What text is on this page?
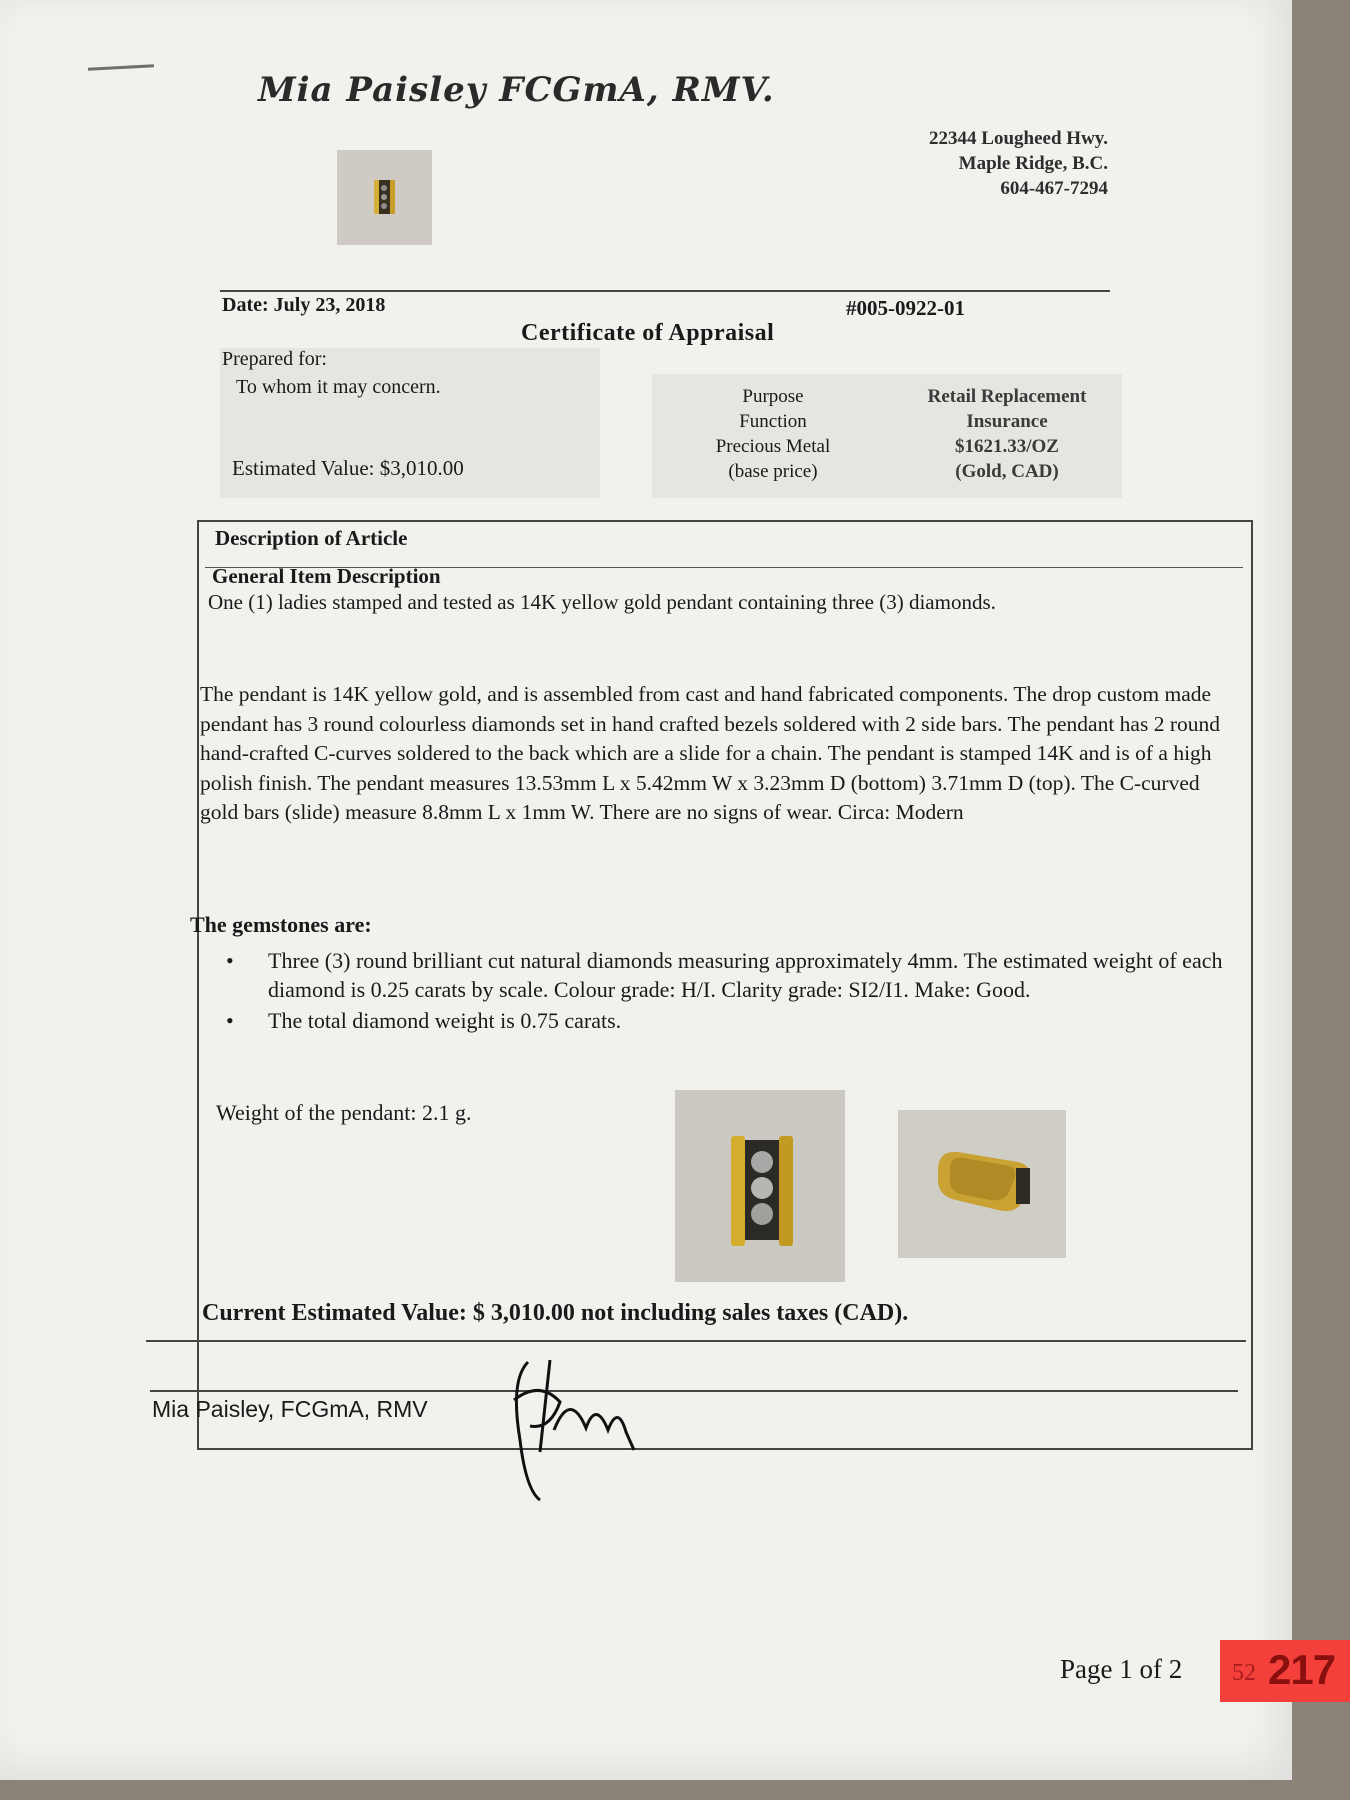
Mia Paisley FCGmA, RMV.
22344 Lougheed Hwy.
Maple Ridge, B.C.
604-467-7294
Date: July 23, 2018	#005-0922-01
Certificate of Appraisal
Prepared for:
To whom it may concern.
Estimated Value: $3,010.00
Purpose
Function
Precious Metal
(base price)
Retail Replacement
Insurance
$1621.33/OZ
(Gold, CAD)
Description of Article
General Item Description
One (1) ladies stamped and tested as 14K yellow gold pendant containing three (3) diamonds.
The pendant is 14K yellow gold, and is assembled from cast and hand fabricated components. The drop custom made pendant has 3 round colourless diamonds set in hand crafted bezels soldered with 2 side bars. The pendant has 2 round hand-crafted C-curves soldered to the back which are a slide for a chain. The pendant is stamped 14K and is of a high polish finish. The pendant measures 13.53mm L x 5.42mm W x 3.23mm D (bottom) 3.71mm D (top). The C-curved gold bars (slide) measure 8.8mm L x 1mm W. There are no signs of wear. Circa: Modern
The gemstones are:
• Three (3) round brilliant cut natural diamonds measuring approximately 4mm. The estimated weight of each diamond is 0.25 carats by scale. Colour grade: H/I. Clarity grade: SI2/I1. Make: Good.
• The total diamond weight is 0.75 carats.
Weight of the pendant: 2.1 g.
Current Estimated Value: $ 3,010.00 not including sales taxes (CAD).
Mia Paisley, FCGmA, RMV
Page 1 of 2 52 217
